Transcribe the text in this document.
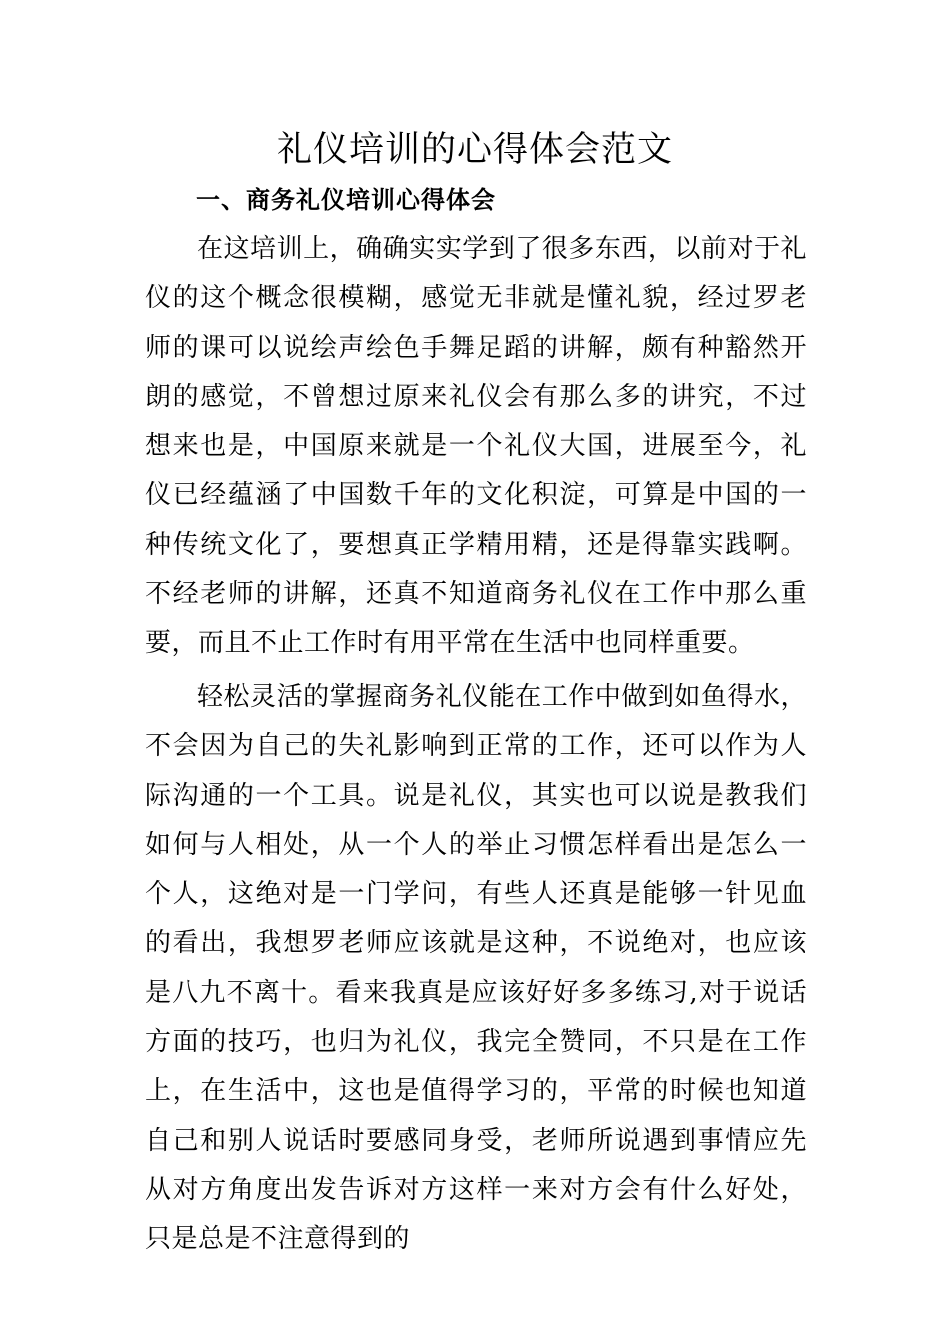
礼仪培训的心得体会范文
一、商务礼仪培训心得体会

在这培训上，确确实实学到了很多东西，以前对于礼仪的这个概念很模糊，感觉无非就是懂礼貌，经过罗老师的课可以说绘声绘色手舞足蹈的讲解，颇有种豁然开朗的感觉，不曾想过原来礼仪会有那么多的讲究，不过想来也是，中国原来就是一个礼仪大国，进展至今，礼仪已经蕴涵了中国数千年的文化积淀，可算是中国的一种传统文化了，要想真正学精用精，还是得靠实践啊。不经老师的讲解，还真不知道商务礼仪在工作中那么重要，而且不止工作时有用平常在生活中也同样重要。

轻松灵活的掌握商务礼仪能在工作中做到如鱼得水，不会因为自己的失礼影响到正常的工作，还可以作为人际沟通的一个工具。说是礼仪，其实也可以说是教我们如何与人相处，从一个人的举止习惯怎样看出是怎么一个人，这绝对是一门学问，有些人还真是能够一针见血的看出，我想罗老师应该就是这种，不说绝对，也应该是八九不离十。看来我真是应该好好多多练习,对于说话方面的技巧，也归为礼仪，我完全赞同，不只是在工作上，在生活中，这也是值得学习的，平常的时候也知道自己和别人说话时要感同身受，老师所说遇到事情应先从对方角度出发告诉对方这样一来对方会有什么好处，只是总是不注意得到的
